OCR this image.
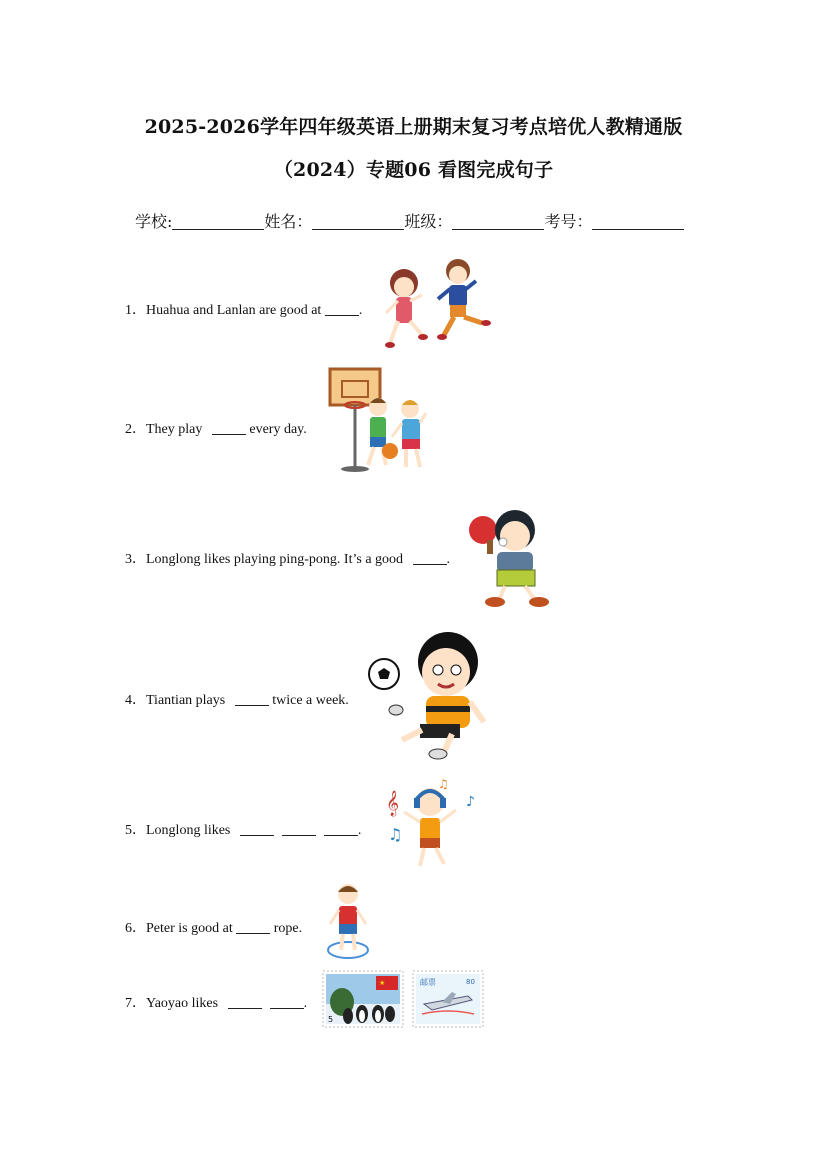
2025-2026学年四年级英语上册期末复习考点培优人教精通版
（2024）专题06 看图完成句子
学校:	姓名：	班级：	考号：
1．Huahua and Lanlan are good at .
2．They play	every day.
3．Longlong likes playing ping-pong. It’s a good	.
4．Tiantian plays	twice a week.
5．Longlong likes	.
𝄞
♫
♪
♫
6．Peter is good at  rope.
7．Yaoyao likes	.
★
5
邮票	80
